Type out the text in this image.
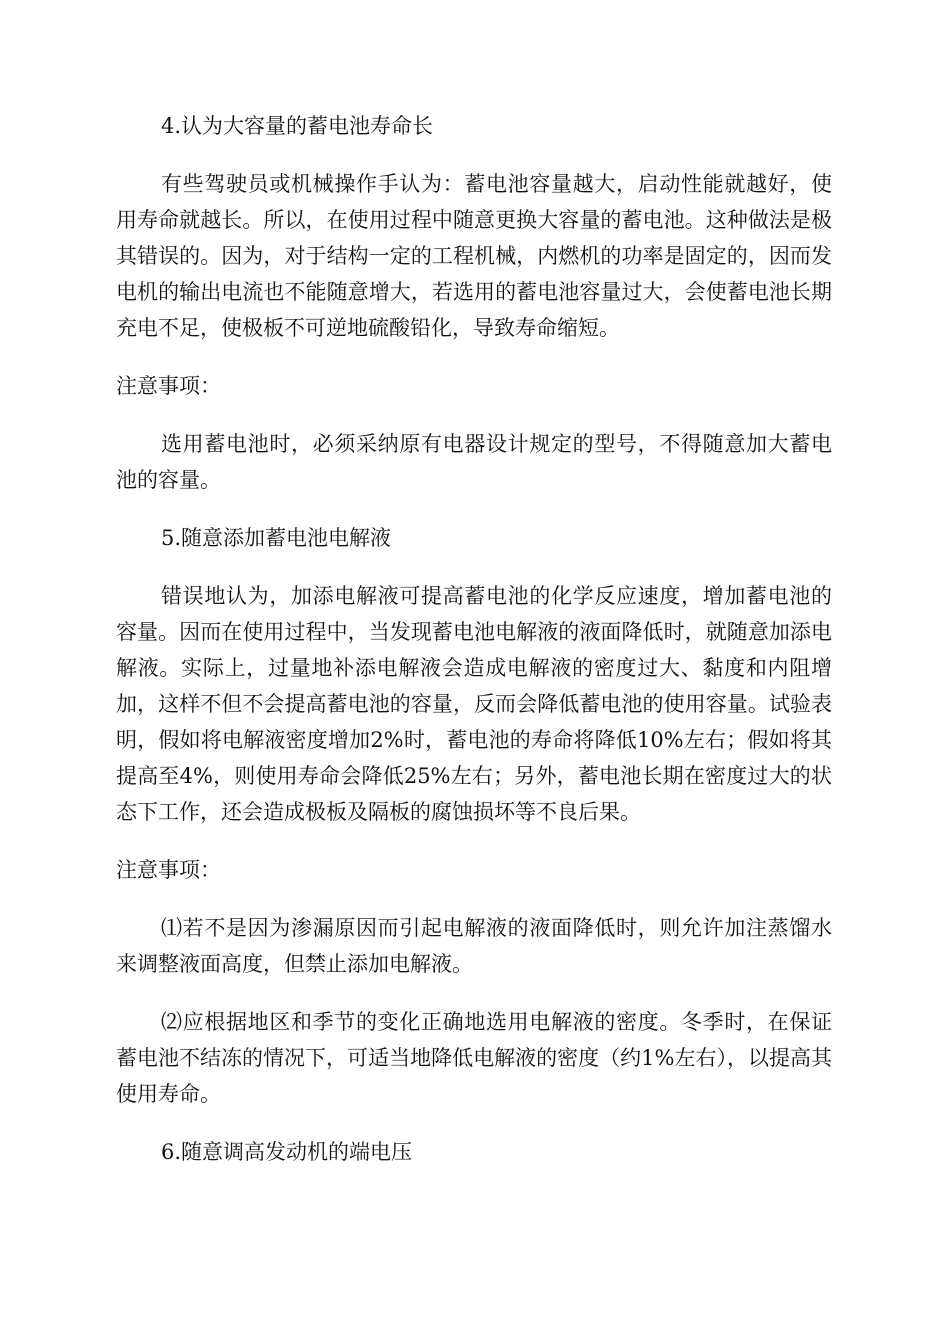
4.认为大容量的蓄电池寿命长

有些驾驶员或机械操作手认为：蓄电池容量越大，启动性能就越好，使用寿命就越长。所以，在使用过程中随意更换大容量的蓄电池。这种做法是极其错误的。因为，对于结构一定的工程机械，内燃机的功率是固定的，因而发电机的输出电流也不能随意增大，若选用的蓄电池容量过大，会使蓄电池长期充电不足，使极板不可逆地硫酸铅化，导致寿命缩短。

注意事项：

选用蓄电池时，必须采纳原有电器设计规定的型号，不得随意加大蓄电池的容量。

5.随意添加蓄电池电解液

错误地认为，加添电解液可提高蓄电池的化学反应速度，增加蓄电池的容量。因而在使用过程中，当发现蓄电池电解液的液面降低时，就随意加添电解液。实际上，过量地补添电解液会造成电解液的密度过大、黏度和内阻增加，这样不但不会提高蓄电池的容量，反而会降低蓄电池的使用容量。试验表明，假如将电解液密度增加2%时，蓄电池的寿命将降低10%左右；假如将其提高至4%，则使用寿命会降低25%左右；另外，蓄电池长期在密度过大的状态下工作，还会造成极板及隔板的腐蚀损坏等不良后果。

注意事项：

⑴若不是因为渗漏原因而引起电解液的液面降低时，则允许加注蒸馏水来调整液面高度，但禁止添加电解液。

⑵应根据地区和季节的变化正确地选用电解液的密度。冬季时，在保证蓄电池不结冻的情况下，可适当地降低电解液的密度（约1%左右），以提高其使用寿命。

6.随意调高发动机的端电压
